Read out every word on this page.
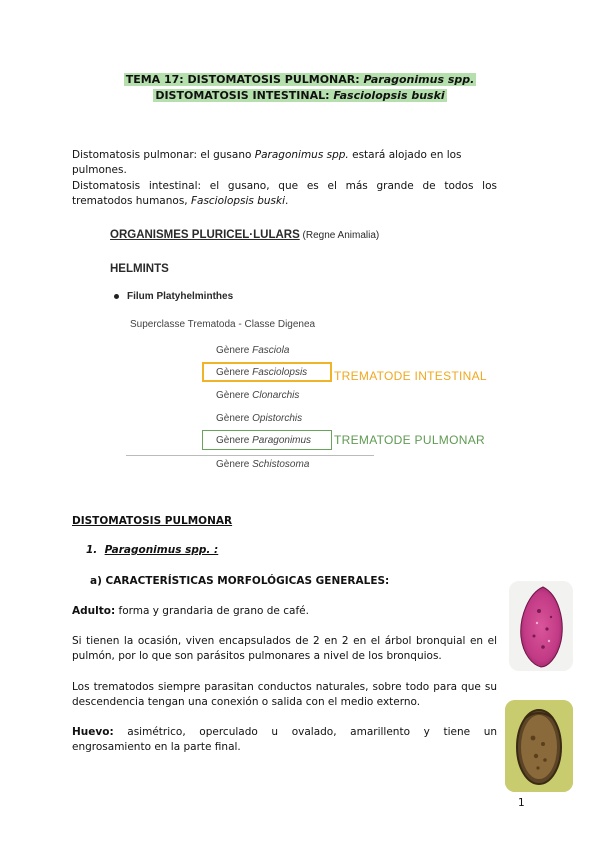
TEMA 17: DISTOMATOSIS PULMONAR: Paragonimus spp.
DISTOMATOSIS INTESTINAL: Fasciolopsis buski
Distomatosis pulmonar: el gusano Paragonimus spp. estará alojado en los pulmones.
Distomatosis intestinal: el gusano, que es el más grande de todos los trematodos humanos, Fasciolopsis buski.
ORGANISMES PLURICEL·LULARS (Regne Animalia)
HELMINTS
Filum Platyhelminthes
Superclasse Trematoda - Classe Digenea
Gènere Fasciola
Gènere Fasciolopsis TREMATODE INTESTINAL
Gènere Clonarchis
Gènere Opistorchis
Gènere Paragonimus TREMATODE PULMONAR
Gènere Schistosoma
DISTOMATOSIS PULMONAR
1. Paragonimus spp. :
a) CARACTERÍSTICAS MORFOLÓGICAS GENERALES:
Adulto: forma y grandaria de grano de café.
Si tienen la ocasión, viven encapsulados de 2 en 2 en el árbol bronquial en el pulmón, por lo que son parásitos pulmonares a nivel de los bronquios.
Los trematodos siempre parasitan conductos naturales, sobre todo para que su descendencia tengan una conexión o salida con el medio externo.
Huevo: asimétrico, operculado u ovalado, amarillento y tiene un engrosamiento en la parte final.
1
